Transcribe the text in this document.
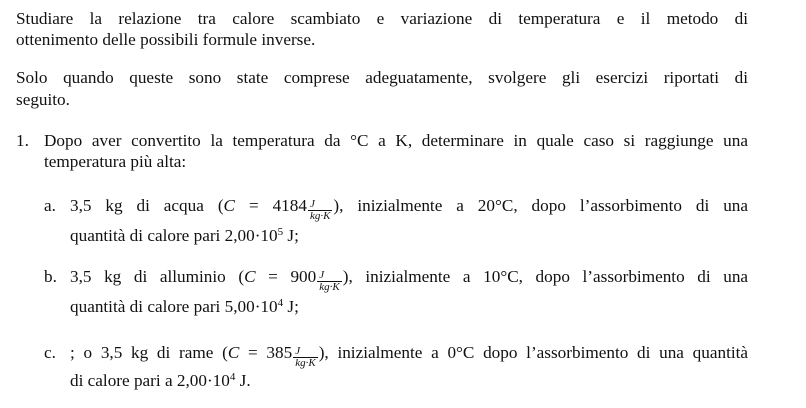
Studiare la relazione tra calore scambiato e variazione di temperatura e il metodo di
ottenimento delle possibili formule inverse.
Solo quando queste sono state comprese adeguatamente, svolgere gli esercizi riportati di
seguito.
1. Dopo aver convertito la temperatura da °C a K, determinare in quale caso si raggiunge una
temperatura più alta:
a. 3,5 kg di acqua ($C = 4184 \frac{J}{kg\cdot K}$ ), inizialmente a 20°C, dopo l’assorbimento di una
quantità di calore pari $2,00\cdot 10^5$ J;
b. 3,5 kg di alluminio ($C = 900 \frac{J}{kg\cdot K}$ ), inizialmente a 10°C, dopo l’assorbimento di una
quantità di calore pari $5,00\cdot 10^4$ J;
c. ; o 3,5 kg di rame ($C = 385 \frac{J}{kg\cdot K}$ ), inizialmente a 0°C dopo l’assorbimento di una quantità
di calore pari a $2,00\cdot 10^4$ J.
